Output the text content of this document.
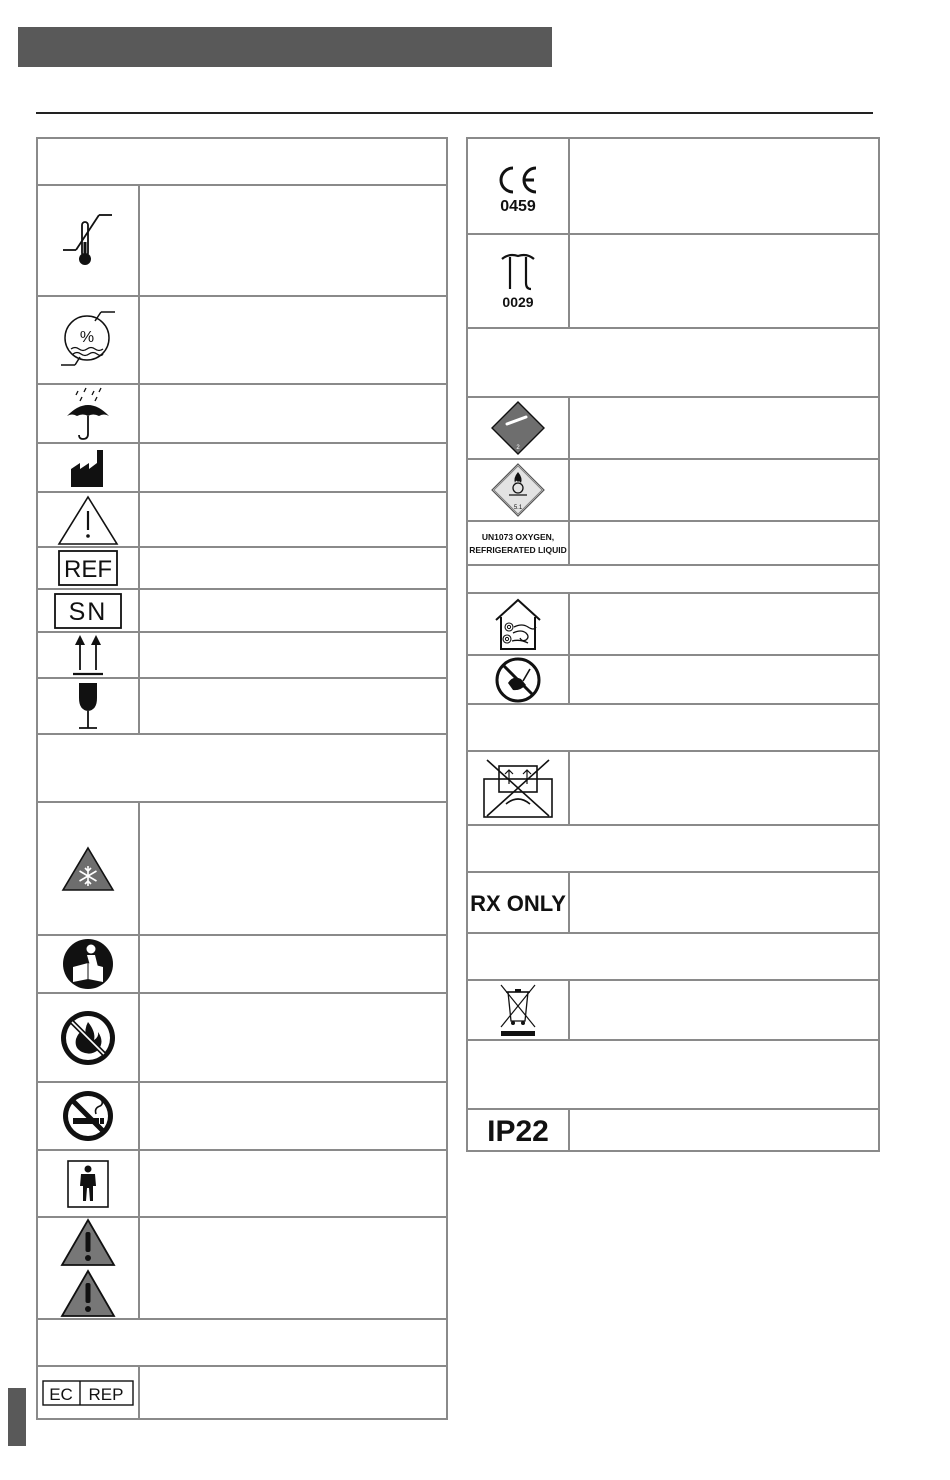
%	

REF	

SN	

EC REP	

0459	

0029	

2	

5.1	

UN1073 OXYGEN,
REFRIGERATED LIQUID	

RX ONLY	

IP22	
